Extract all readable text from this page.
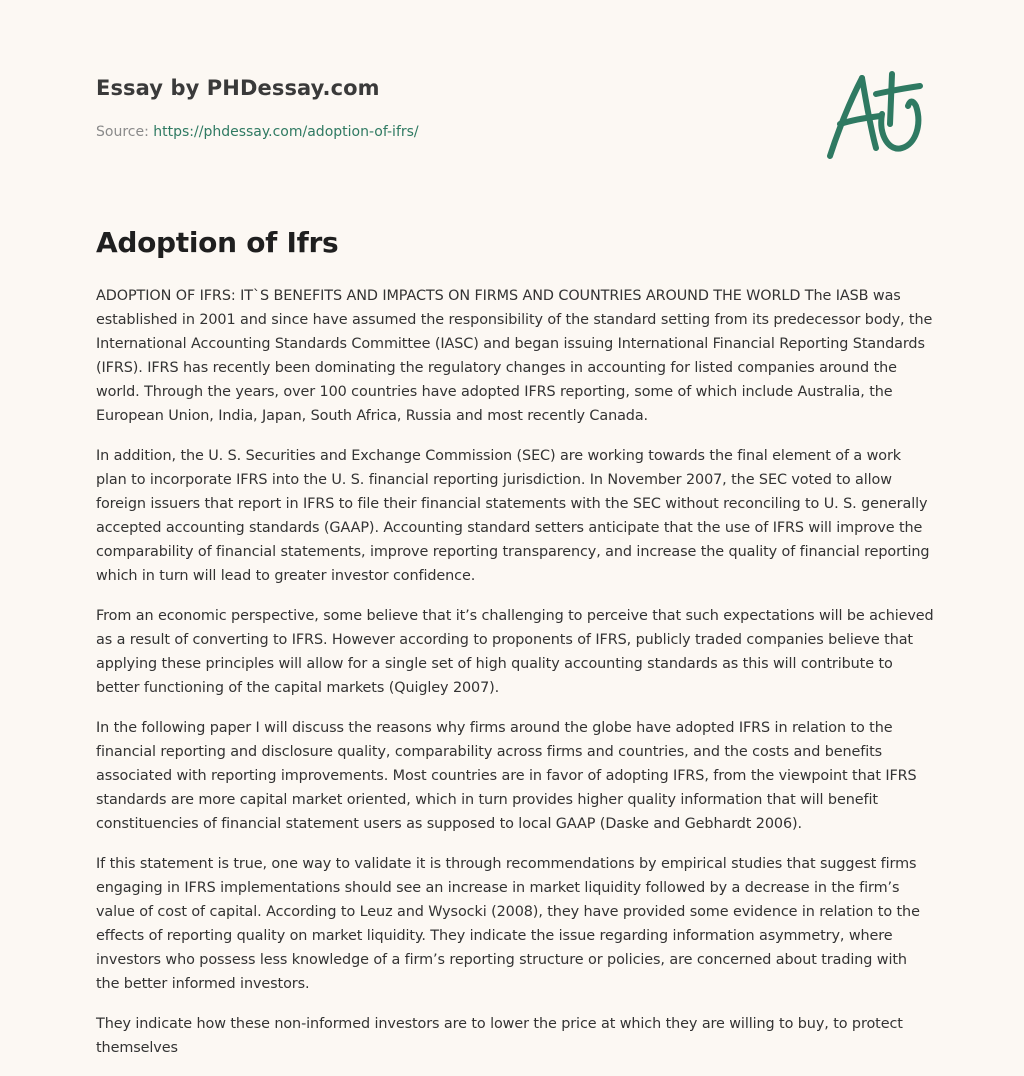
Essay by PHDessay.com
Source: https://phdessay.com/adoption-of-ifrs/
Adoption of Ifrs

ADOPTION OF IFRS: IT`S BENEFITS AND IMPACTS ON FIRMS AND COUNTRIES AROUND THE WORLD The IASB was established in 2001 and since have assumed the responsibility of the standard setting from its predecessor body, the International Accounting Standards Committee (IASC) and began issuing International Financial Reporting Standards (IFRS). IFRS has recently been dominating the regulatory changes in accounting for listed companies around the world. Through the years, over 100 countries have adopted IFRS reporting, some of which include Australia, the European Union, India, Japan, South Africa, Russia and most recently Canada.

In addition, the U. S. Securities and Exchange Commission (SEC) are working towards the final element of a work plan to incorporate IFRS into the U. S. financial reporting jurisdiction. In November 2007, the SEC voted to allow foreign issuers that report in IFRS to file their financial statements with the SEC without reconciling to U. S. generally accepted accounting standards (GAAP). Accounting standard setters anticipate that the use of IFRS will improve the comparability of financial statements, improve reporting transparency, and increase the quality of financial reporting which in turn will lead to greater investor confidence.

From an economic perspective, some believe that it’s challenging to perceive that such expectations will be achieved as a result of converting to IFRS. However according to proponents of IFRS, publicly traded companies believe that applying these principles will allow for a single set of high quality accounting standards as this will contribute to better functioning of the capital markets (Quigley 2007).

In the following paper I will discuss the reasons why firms around the globe have adopted IFRS in relation to the financial reporting and disclosure quality, comparability across firms and countries, and the costs and benefits associated with reporting improvements. Most countries are in favor of adopting IFRS, from the viewpoint that IFRS standards are more capital market oriented, which in turn provides higher quality information that will benefit constituencies of financial statement users as supposed to local GAAP (Daske and Gebhardt 2006).

If this statement is true, one way to validate it is through recommendations by empirical studies that suggest firms engaging in IFRS implementations should see an increase in market liquidity followed by a decrease in the firm’s value of cost of capital. According to Leuz and Wysocki (2008), they have provided some evidence in relation to the effects of reporting quality on market liquidity. They indicate the issue regarding information asymmetry, where investors who possess less knowledge of a firm’s reporting structure or policies, are concerned about trading with the better informed investors.

They indicate how these non-informed investors are to lower the price at which they are willing to buy, to protect themselves
